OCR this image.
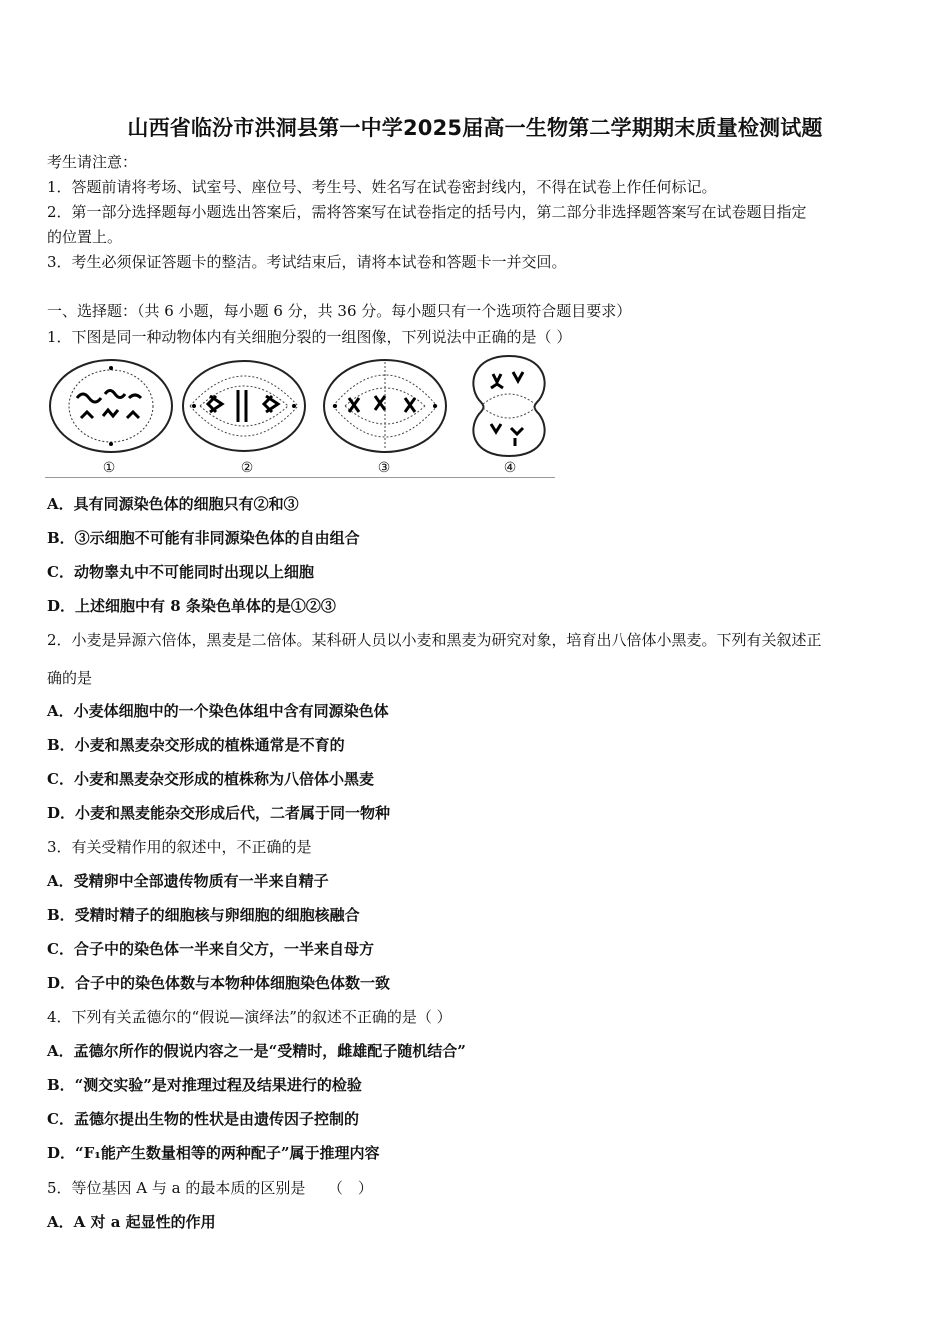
山西省临汾市洪洞县第一中学2025届高一生物第二学期期末质量检测试题
考生请注意：
1．答题前请将考场、试室号、座位号、考生号、姓名写在试卷密封线内，不得在试卷上作任何标记。
2．第一部分选择题每小题选出答案后，需将答案写在试卷指定的括号内，第二部分非选择题答案写在试卷题目指定
的位置上。
3．考生必须保证答题卡的整洁。考试结束后，请将本试卷和答题卡一并交回。
一、选择题：（共 6 小题，每小题 6 分，共 36 分。每小题只有一个选项符合题目要求）
1．下图是同一种动物体内有关细胞分裂的一组图像，下列说法中正确的是（ ）
①	②	③	④
A．具有同源染色体的细胞只有②和③
B．③示细胞不可能有非同源染色体的自由组合
C．动物睾丸中不可能同时出现以上细胞
D．上述细胞中有 8 条染色单体的是①②③
2．小麦是异源六倍体，黑麦是二倍体。某科研人员以小麦和黑麦为研究对象，培育出八倍体小黑麦。下列有关叙述正
确的是
A．小麦体细胞中的一个染色体组中含有同源染色体
B．小麦和黑麦杂交形成的植株通常是不育的
C．小麦和黑麦杂交形成的植株称为八倍体小黑麦
D．小麦和黑麦能杂交形成后代，二者属于同一物种
3．有关受精作用的叙述中，不正确的是
A．受精卵中全部遗传物质有一半来自精子
B．受精时精子的细胞核与卵细胞的细胞核融合
C．合子中的染色体一半来自父方，一半来自母方
D．合子中的染色体数与本物种体细胞染色体数一致
4．下列有关孟德尔的“假说—演绎法”的叙述不正确的是（ ）
A．孟德尔所作的假说内容之一是“受精时，雌雄配子随机结合”
B．“测交实验”是对推理过程及结果进行的检验
C．孟德尔提出生物的性状是由遗传因子控制的
D．“F₁能产生数量相等的两种配子”属于推理内容
5．等位基因 A 与 a 的最本质的区别是　　（　）
A．A 对 a 起显性的作用
